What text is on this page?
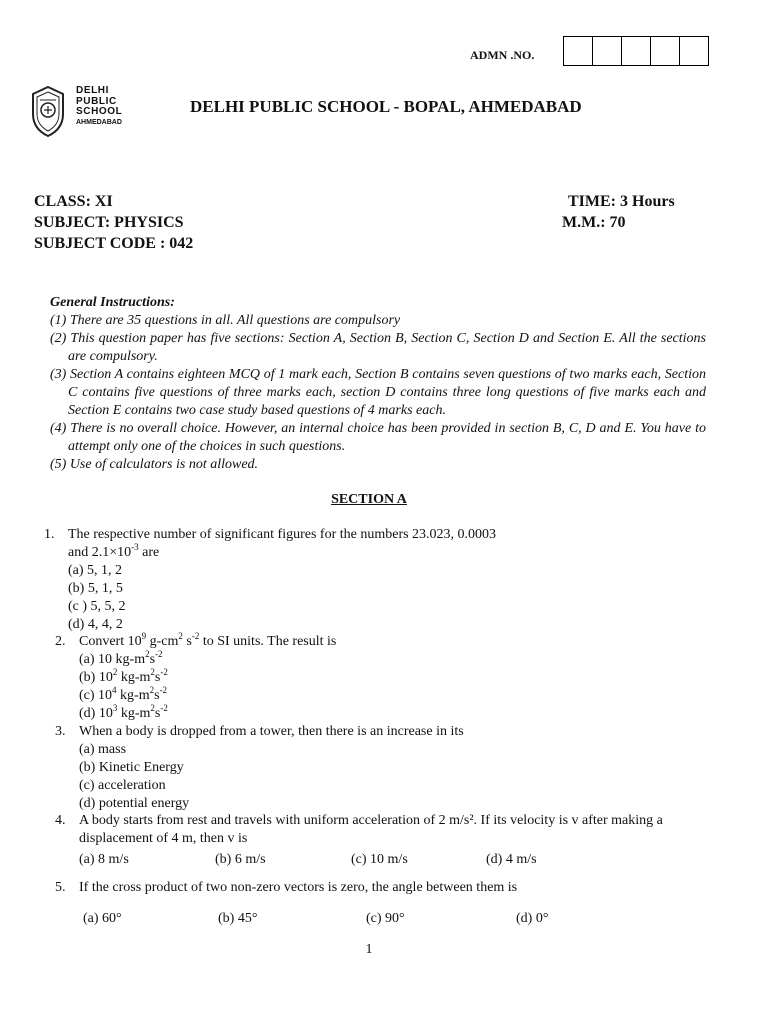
ADMN .NO.
DELHI
PUBLIC
SCHOOL
AHMEDABAD
DELHI PUBLIC SCHOOL - BOPAL, AHMEDABAD
CLASS: XI
SUBJECT: PHYSICS
SUBJECT CODE : 042
TIME: 3 Hours
M.M.: 70
General Instructions:
(1) There are 35 questions in all. All questions are compulsory
(2) This question paper has five sections: Section A, Section B, Section C, Section D and Section E. All the sections are compulsory.
(3) Section A contains eighteen MCQ of 1 mark each, Section B contains seven questions of two marks each, Section C contains five questions of three marks each, section D contains three long questions of five marks each and Section E contains two case study based questions of 4 marks each.
(4) There is no overall choice. However, an internal choice has been provided in section B, C, D and E. You have to attempt only one of the choices in such questions.
(5) Use of calculators is not allowed.
SECTION A
1. The respective number of significant figures for the numbers 23.023, 0.0003
and $2.1\times 10^{-3}$ are
(a) 5, 1, 2
(b) 5, 1, 5
(c ) 5, 5, 2
(d) 4, 4, 2
2. Convert $10^9$ $g-cm^2$ $s^{-2}$ to SI units. The result is
(a) 10 $kg-m^2s^{-2}$
(b) $10^2$ $kg-m^2s^{-2}$
(c) $10^4$ $kg-m^2s^{-2}$
(d) $10^3$ $kg-m^2s^{-2}$
3. When a body is dropped from a tower, then there is an increase in its
(a) mass
(b) Kinetic Energy
(c) acceleration
(d) potential energy
4. A body starts from rest and travels with uniform acceleration of 2 m/s². If its velocity is v after making a displacement of 4 m, then v is
(a) 8 m/s	(b) 6 m/s	(c) 10 m/s	(d) 4 m/s
5. If the cross product of two non-zero vectors is zero, the angle between them is
(a) 60°	(b) 45°	(c) 90°	(d) 0°
1
